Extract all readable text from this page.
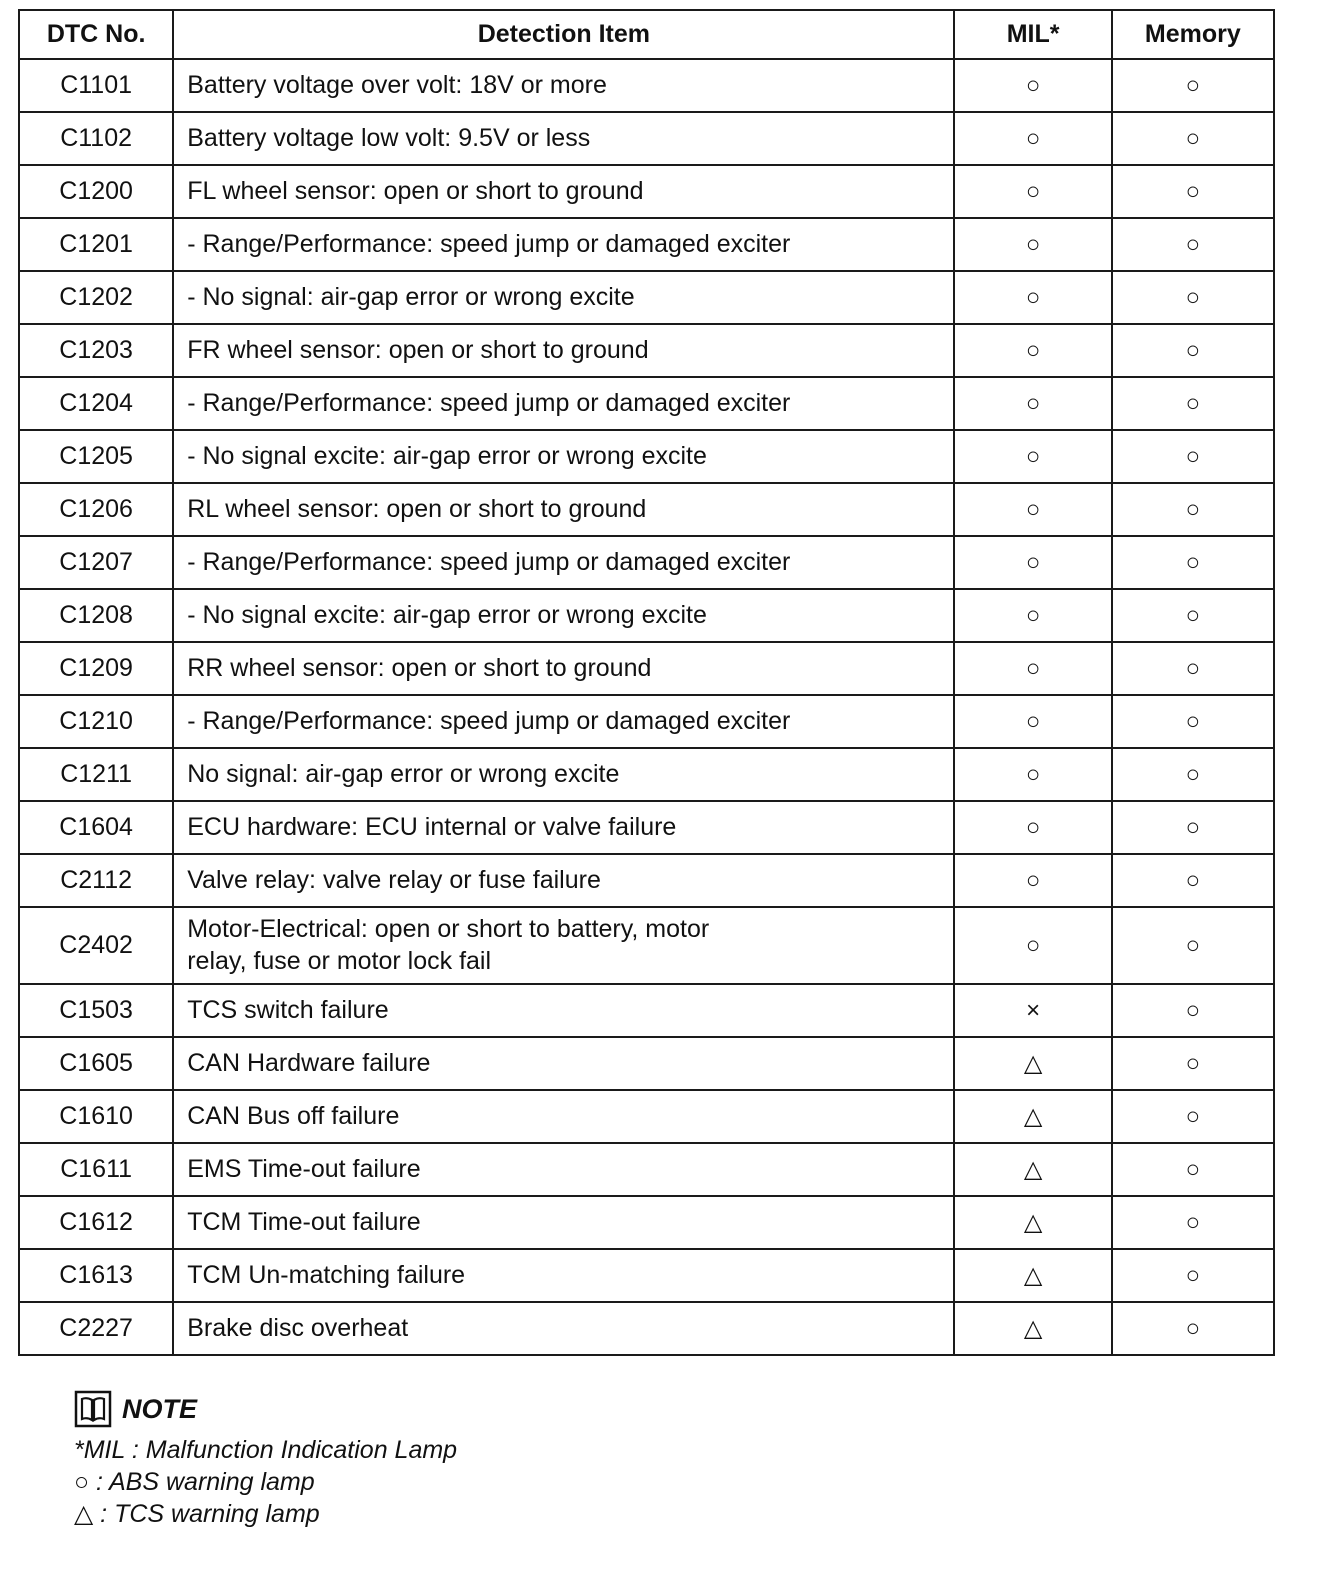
DTC No.	Detection Item	MIL*	Memory
C1101	Battery voltage over volt: 18V or more	○	○
C1102	Battery voltage low volt: 9.5V or less	○	○
C1200	FL wheel sensor: open or short to ground	○	○
C1201	- Range/Performance: speed jump or damaged exciter	○	○
C1202	- No signal: air-gap error or wrong excite	○	○
C1203	FR wheel sensor: open or short to ground	○	○
C1204	- Range/Performance: speed jump or damaged exciter	○	○
C1205	- No signal excite: air-gap error or wrong excite	○	○
C1206	RL wheel sensor: open or short to ground	○	○
C1207	- Range/Performance: speed jump or damaged exciter	○	○
C1208	- No signal excite: air-gap error or wrong excite	○	○
C1209	RR wheel sensor: open or short to ground	○	○
C1210	- Range/Performance: speed jump or damaged exciter	○	○
C1211	No signal: air-gap error or wrong excite	○	○
C1604	ECU hardware: ECU internal or valve failure	○	○
C2112	Valve relay: valve relay or fuse failure	○	○
C2402	Motor-Electrical: open or short to battery, motor
relay, fuse or motor lock fail	○	○
C1503	TCS switch failure	×	○
C1605	CAN Hardware failure	△	○
C1610	CAN Bus off failure	△	○
C1611	EMS Time-out failure	△	○
C1612	TCM Time-out failure	△	○
C1613	TCM Un-matching failure	△	○
C2227	Brake disc overheat	△	○
NOTE
*MIL : Malfunction Indication Lamp
○ : ABS warning lamp
△ : TCS warning lamp
